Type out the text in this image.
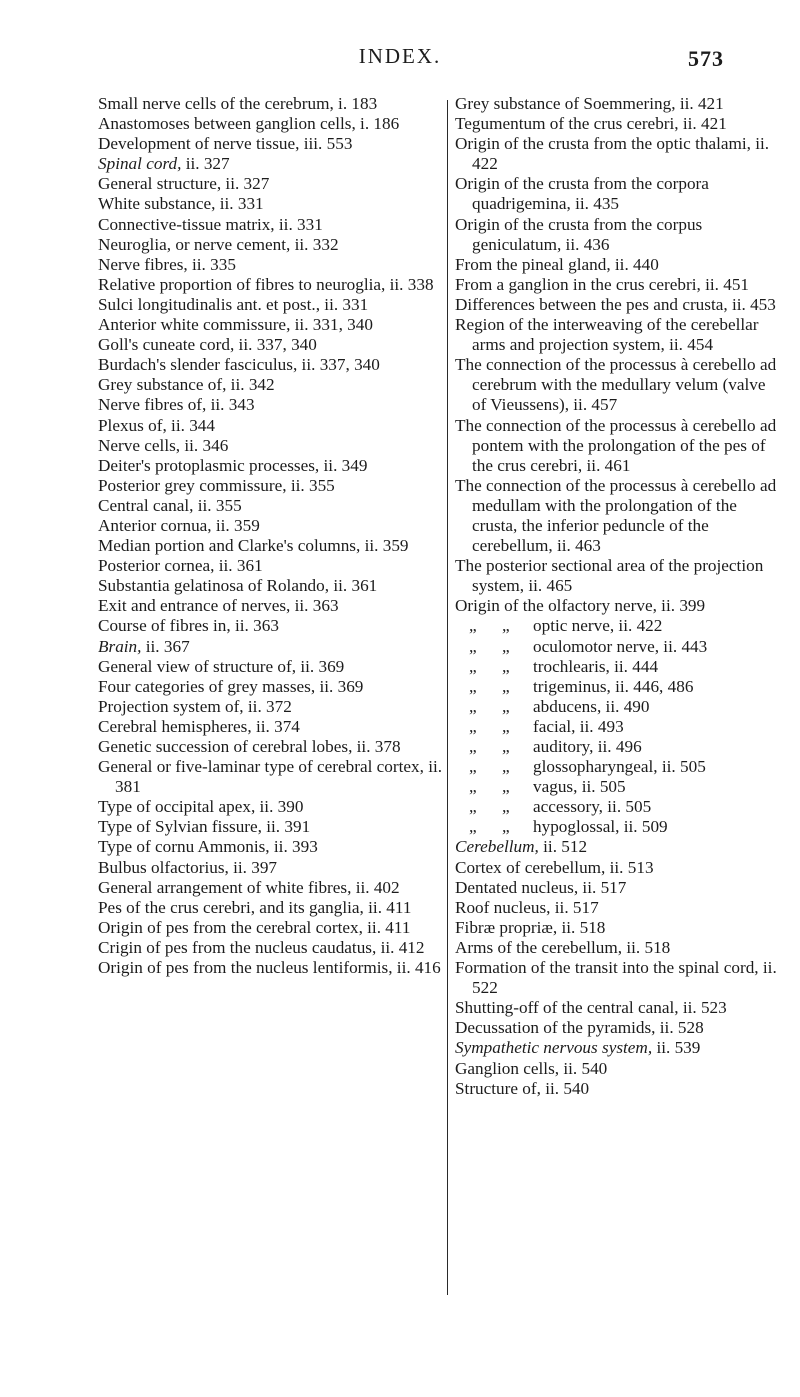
INDEX.	573
Small nerve cells of the cerebrum, i. 183
Anastomoses between ganglion cells, i. 186
Development of nerve tissue, iii. 553
Spinal cord, ii. 327
General structure, ii. 327
White substance, ii. 331
Connective-tissue matrix, ii. 331
Neuroglia, or nerve cement, ii. 332
Nerve fibres, ii. 335
Relative proportion of fibres to neuroglia, ii. 338
Sulci longitudinalis ant. et post., ii. 331
Anterior white commissure, ii. 331, 340
Goll's cuneate cord, ii. 337, 340
Burdach's slender fasciculus, ii. 337, 340
Grey substance of, ii. 342
Nerve fibres of, ii. 343
Plexus of, ii. 344
Nerve cells, ii. 346
Deiter's protoplasmic processes, ii. 349
Posterior grey commissure, ii. 355
Central canal, ii. 355
Anterior cornua, ii. 359
Median portion and Clarke's columns, ii. 359
Posterior cornea, ii. 361
Substantia gelatinosa of Rolando, ii. 361
Exit and entrance of nerves, ii. 363
Course of fibres in, ii. 363
Brain, ii. 367
General view of structure of, ii. 369
Four categories of grey masses, ii. 369
Projection system of, ii. 372
Cerebral hemispheres, ii. 374
Genetic succession of cerebral lobes, ii. 378
General or five-laminar type of cerebral cortex, ii. 381
Type of occipital apex, ii. 390
Type of Sylvian fissure, ii. 391
Type of cornu Ammonis, ii. 393
Bulbus olfactorius, ii. 397
General arrangement of white fibres, ii. 402
Pes of the crus cerebri, and its ganglia, ii. 411
Origin of pes from the cerebral cortex, ii. 411
Crigin of pes from the nucleus caudatus, ii. 412
Origin of pes from the nucleus lentiformis, ii. 416
Grey substance of Soemmering, ii. 421
Tegumentum of the crus cerebri, ii. 421
Origin of the crusta from the optic thalami, ii. 422
Origin of the crusta from the corpora quadrigemina, ii. 435
Origin of the crusta from the corpus geniculatum, ii. 436
From the pineal gland, ii. 440
From a ganglion in the crus cerebri, ii. 451
Differences between the pes and crusta, ii. 453
Region of the interweaving of the cerebellar arms and projection system, ii. 454
The connection of the processus à cerebello ad cerebrum with the medullary velum (valve of Vieussens), ii. 457
The connection of the processus à cerebello ad pontem with the prolongation of the pes of the crus cerebri, ii. 461
The connection of the processus à cerebello ad medullam with the prolongation of the crusta, the inferior peduncle of the cerebellum, ii. 463
The posterior sectional area of the projection system, ii. 465
Origin of the olfactory nerve, ii. 399
„	„	optic nerve, ii. 422
„	„	oculomotor nerve, ii. 443
„	„	trochlearis, ii. 444
„	„	trigeminus, ii. 446, 486
„	„	abducens, ii. 490
„	„	facial, ii. 493
„	„	auditory, ii. 496
„	„	glossopharyngeal, ii. 505
„	„	vagus, ii. 505
„	„	accessory, ii. 505
„	„	hypoglossal, ii. 509
Cerebellum, ii. 512
Cortex of cerebellum, ii. 513
Dentated nucleus, ii. 517
Roof nucleus, ii. 517
Fibræ propriæ, ii. 518
Arms of the cerebellum, ii. 518
Formation of the transit into the spinal cord, ii. 522
Shutting-off of the central canal, ii. 523
Decussation of the pyramids, ii. 528
Sympathetic nervous system, ii. 539
Ganglion cells, ii. 540
Structure of, ii. 540
